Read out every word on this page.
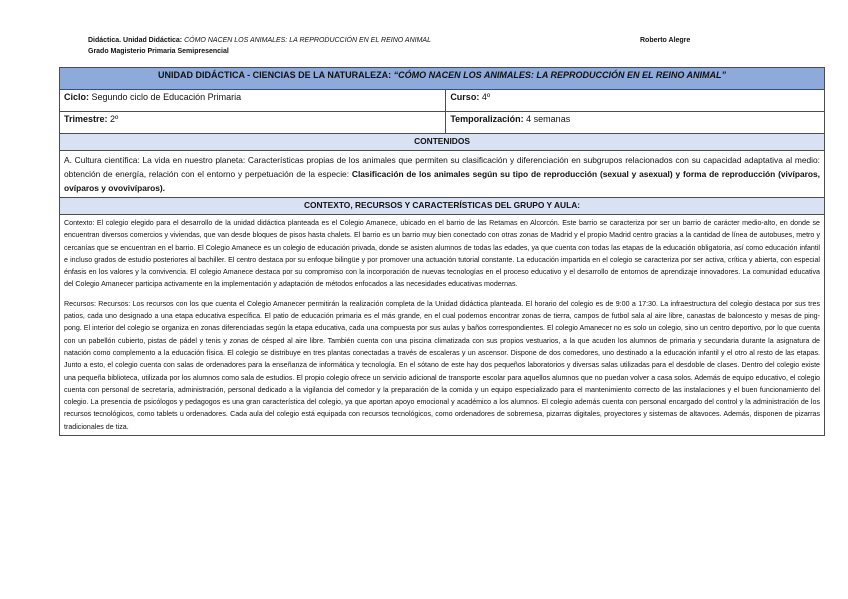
Didáctica. Unidad Didáctica: CÓMO NACEN LOS ANIMALES: LA REPRODUCCIÓN EN EL REINO ANIMAL
Grado Magisterio Primaria Semipresencial
Roberto Alegre
UNIDAD DIDÁCTICA - CIENCIAS DE LA NATURALEZA: “CÓMO NACEN LOS ANIMALES: LA REPRODUCCIÓN EN EL REINO ANIMAL”	
Ciclo: Segundo ciclo de Educación Primaria	Curso: 4º
Trimestre: 2º	Temporalización: 4 semanas
CONTENIDOS	

A. Cultura científica: La vida en nuestro planeta: Características propias de los animales que permiten su clasificación y diferenciación en subgrupos relacionados con su capacidad adaptativa al medio: obtención de energía, relación con el entorno y perpetuación de la especie: Clasificación de los animales según su tipo de reproducción (sexual y asexual) y forma de reproducción (vivíparos, ovíparos y ovovivíparos).	

CONTEXTO, RECURSOS Y CARACTERÍSTICAS DEL GRUPO Y AULA:	

Contexto: El colegio elegido para el desarrollo de la unidad didáctica planteada es el Colegio Amanece, ubicado en el barrio de las Retamas en Alcorcón. Este barrio se caracteriza por ser un barrio de carácter medio-alto, en donde se encuentran diversos comercios y viviendas, que van desde bloques de pisos hasta chalets. El barrio es un barrio muy bien conectado con otras zonas de Madrid y el propio Madrid centro gracias a la cantidad de línea de autobuses, metro y cercanías que se encuentran en el barrio. El Colegio Amanece es un colegio de educación privada, donde se asisten alumnos de todas las edades, ya que cuenta con todas las etapas de la educación obligatoria, así como educación infantil e incluso grados de estudio posteriores al bachiller. El centro destaca por su enfoque bilingüe y por promover una actuación tutorial constante. La educación impartida en el colegio se caracteriza por ser activa, crítica y abierta, con especial énfasis en los valores y la convivencia. El colegio Amanece destaca por su compromiso con la incorporación de nuevas tecnologías en el proceso educativo y el desarrollo de entornos de aprendizaje innovadores. La comunidad educativa del Colegio Amanecer participa activamente en la implementación y adaptación de métodos enfocados a las necesidades educativas modernas.
Recursos: Recursos: Los recursos con los que cuenta el Colegio Amanecer permitirán la realización completa de la Unidad didáctica planteada. El horario del colegio es de 9:00 a 17:30. La infraestructura del colegio destaca por sus tres patios, cada uno designado a una etapa educativa específica. El patio de educación primaria es el más grande, en el cual podemos encontrar zonas de tierra, campos de futbol sala al aire libre, canastas de baloncesto y mesas de ping-pong. El interior del colegio se organiza en zonas diferenciadas según la etapa educativa, cada una compuesta por sus aulas y baños correspondientes. El colegio Amanecer no es solo un colegio, sino un centro deportivo, por lo que cuenta con un pabellón cubierto, pistas de pádel y tenis y zonas de césped al aire libre. También cuenta con una piscina climatizada con sus propios vestuarios, a la que acuden los alumnos de primaria y secundaria durante la asignatura de natación como complemento a la educación física. El colegio se distribuye en tres plantas conectadas a través de escaleras y un ascensor. Dispone de dos comedores, uno destinado a la educación infantil y el otro al resto de las etapas. Junto a esto, el colegio cuenta con salas de ordenadores para la enseñanza de informática y tecnología. En el sótano de este hay dos pequeños laboratorios y diversas salas utilizadas para el desdoble de clases. Dentro del colegio existe una pequeña biblioteca, utilizada por los alumnos como sala de estudios. El propio colegio ofrece un servicio adicional de transporte escolar para aquellos alumnos que no puedan volver a casa solos. Además de equipo educativo, el colegio cuenta con personal de secretaría, administración, personal dedicado a la vigilancia del comedor y la preparación de la comida y un equipo especializado para el mantenimiento correcto de las instalaciones y el buen funcionamiento del colegio. La presencia de psicólogos y pedagogos es una gran característica del colegio, ya que aportan apoyo emocional y académico a los alumnos. El colegio además cuenta con personal encargado del control y la administración de los recursos tecnológicos, como tablets u ordenadores. Cada aula del colegio está equipada con recursos tecnológicos, como ordenadores de sobremesa, pizarras digitales, proyectores y sistemas de altavoces. Además, disponen de pizarras tradicionales de tiza.	
